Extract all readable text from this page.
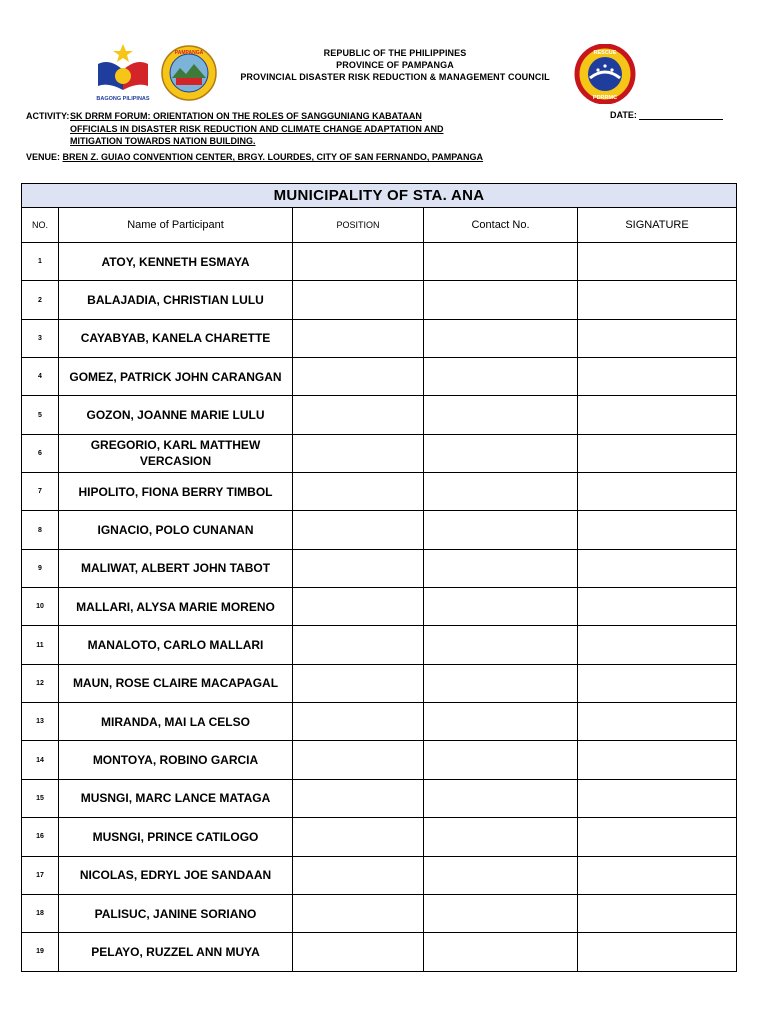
BAGONG PILIPINAS
PAMPANGA	REPUBLIC OF THE PHILIPPINES
PROVINCE OF PAMPANGA
PROVINCIAL DISASTER RISK REDUCTION & MANAGEMENT COUNCIL
RESCUE
PDRRMC
ACTIVITY:SK DRRM FORUM: ORIENTATION ON THE ROLES OF SANGGUNIANG KABATAAN
OFFICIALS IN DISASTER RISK REDUCTION AND CLIMATE CHANGE ADAPTATION AND
MITIGATION TOWARDS NATION BUILDING.
DATE:
VENUE: BREN Z. GUIAO CONVENTION CENTER, BRGY. LOURDES, CITY OF SAN FERNANDO, PAMPANGA
MUNICIPALITY OF STA. ANA				
NO.	Name of Participant	POSITION	Contact No.	SIGNATURE
1	ATOY, KENNETH ESMAYA			
2	BALAJADIA, CHRISTIAN LULU			
3	CAYABYAB, KANELA CHARETTE			
4	GOMEZ, PATRICK JOHN CARANGAN			
5	GOZON, JOANNE MARIE LULU			
6	GREGORIO, KARL MATTHEW VERCASION			
7	HIPOLITO, FIONA BERRY TIMBOL			
8	IGNACIO, POLO CUNANAN			
9	MALIWAT, ALBERT JOHN TABOT			
10	MALLARI, ALYSA MARIE MORENO			
11	MANALOTO, CARLO MALLARI			
12	MAUN, ROSE CLAIRE MACAPAGAL			
13	MIRANDA, MAI LA CELSO			
14	MONTOYA, ROBINO GARCIA			
15	MUSNGI, MARC LANCE MATAGA			
16	MUSNGI, PRINCE CATILOGO			
17	NICOLAS, EDRYL JOE SANDAAN			
18	PALISUC, JANINE SORIANO			
19	PELAYO, RUZZEL ANN MUYA			
